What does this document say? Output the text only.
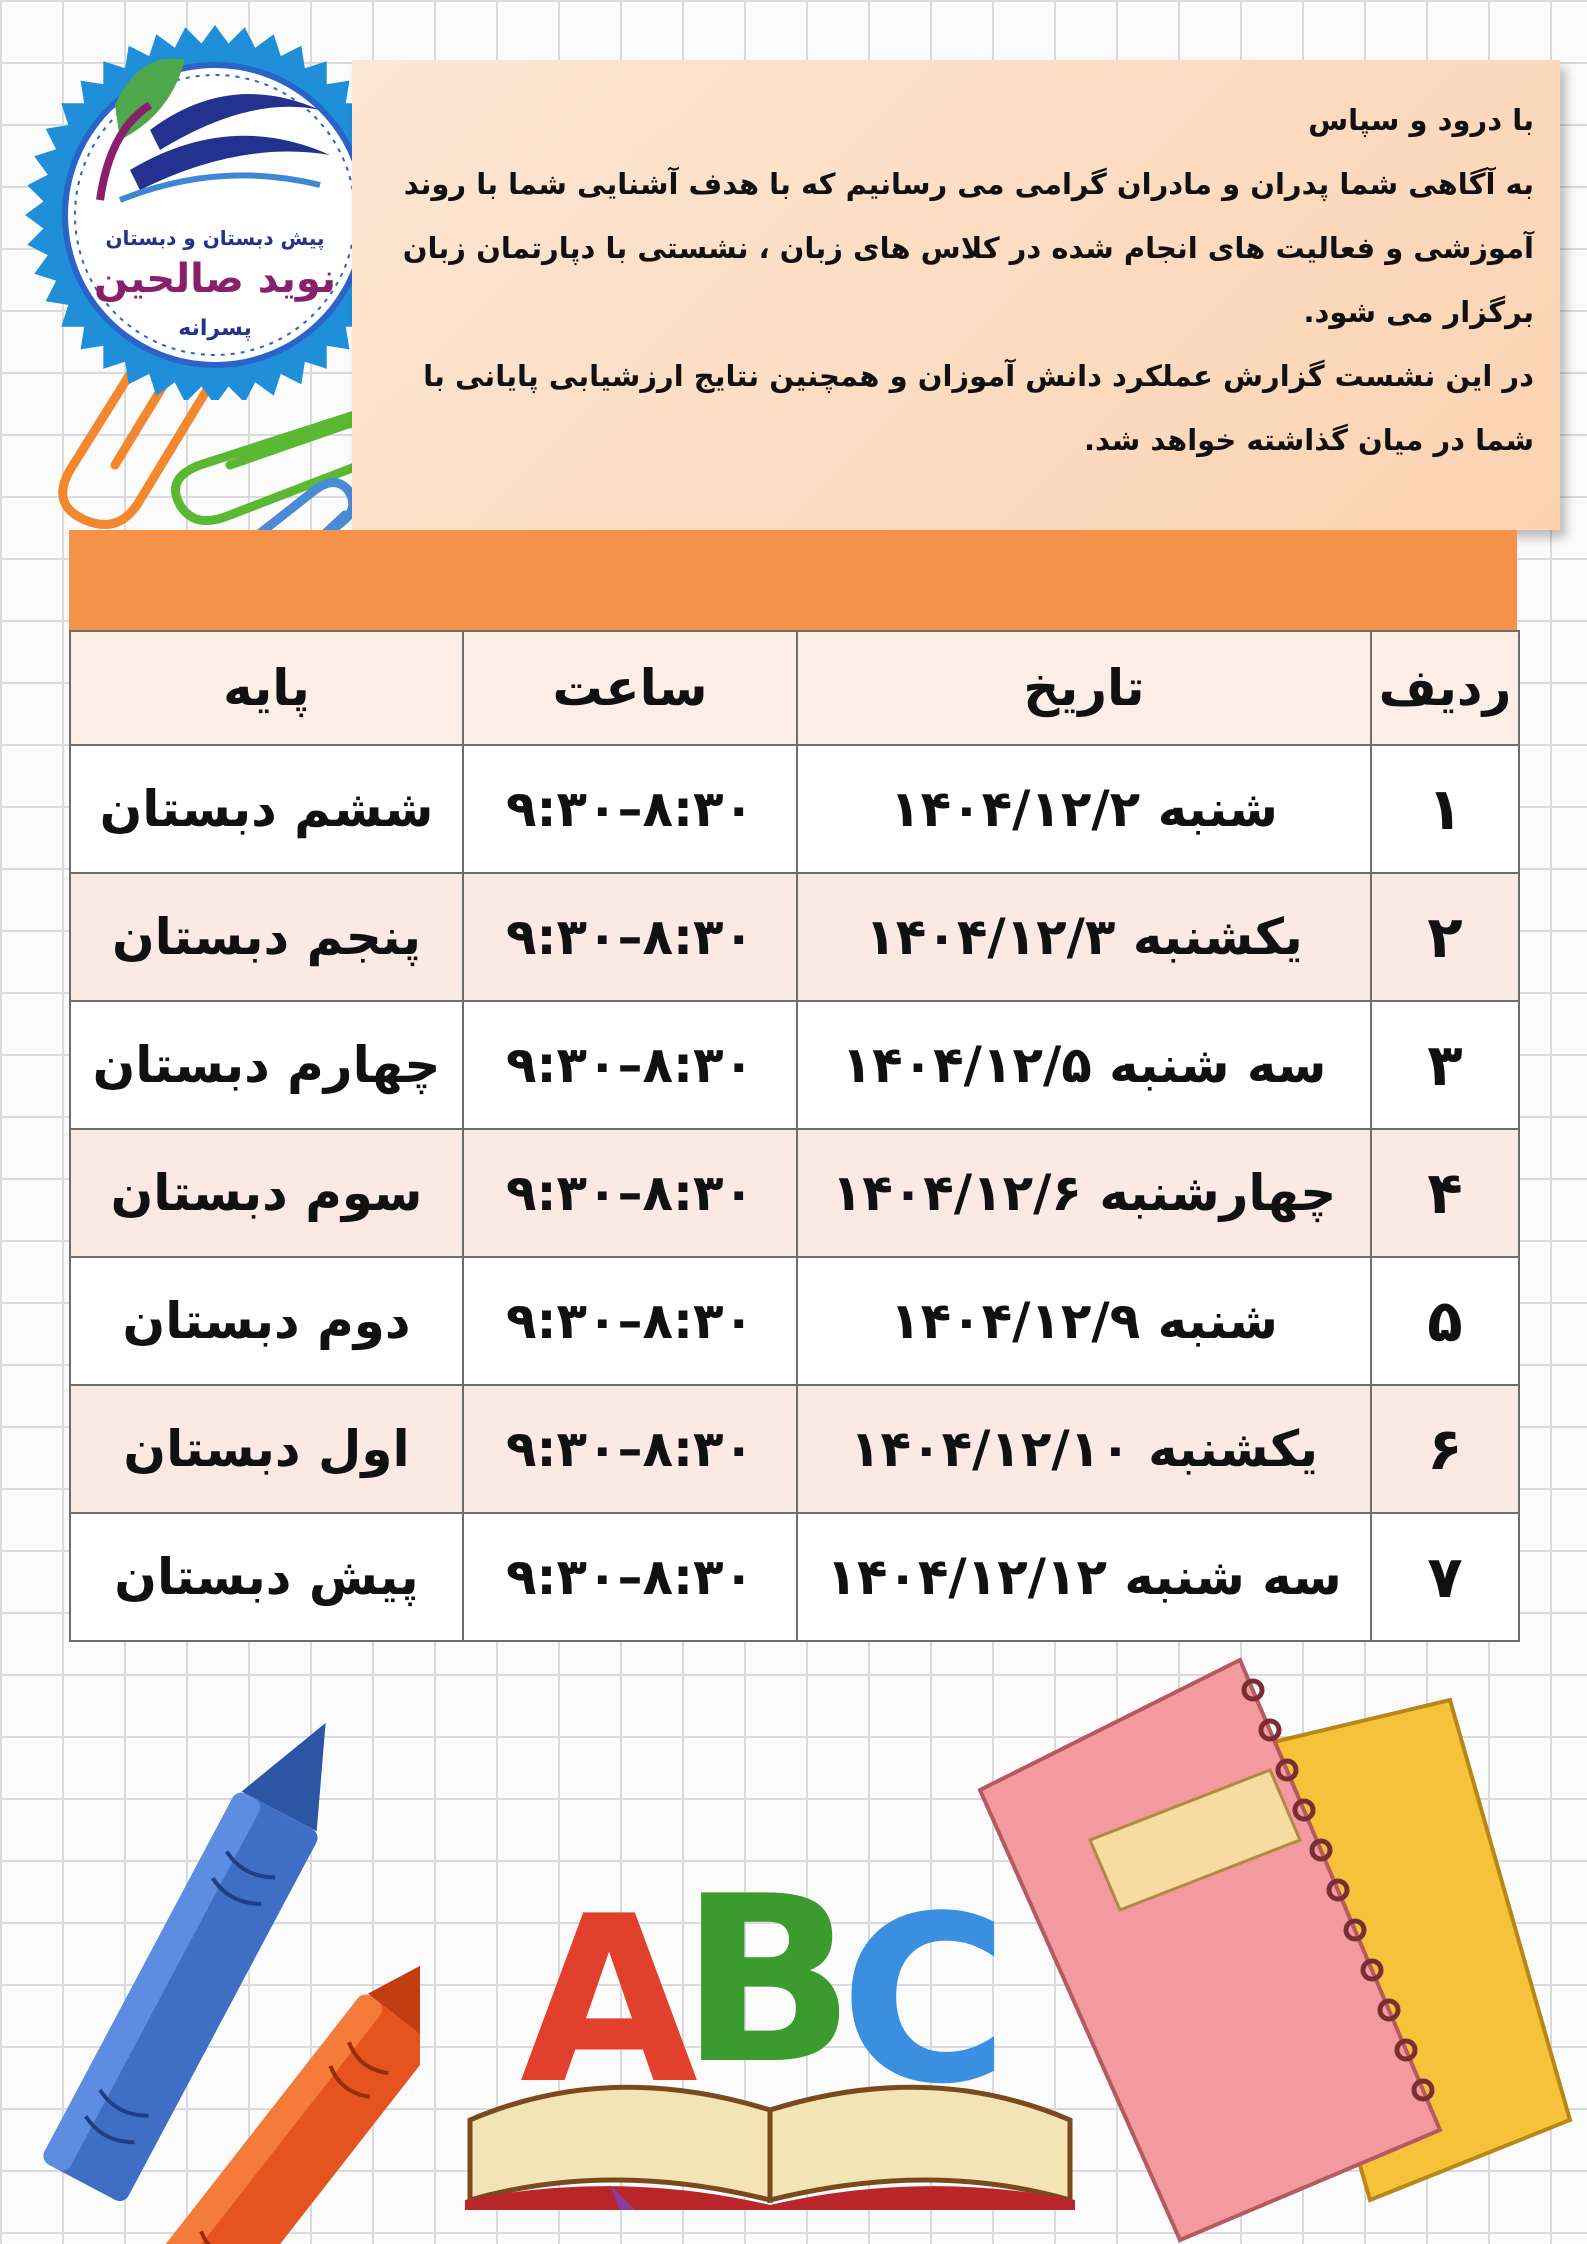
پیش دبستان و دبستان
نوید صالحین
پسرانه

با درود و سپاس

به آگاهی شما پدران و مادران گرامی می رسانیم که با هدف آشنایی شما با روند

آموزشی و فعالیت های انجام شده در کلاس های زبان ، نشستی با دپارتمان زبان

برگزار می شود.

در این نشست گزارش عملکرد دانش آموزان و همچنین نتایج ارزشیابی پایانی با

شما در میان گذاشته خواهد شد.

ردیف	تاریخ	ساعت	پایه
۱	شنبه ۱۴۰۴/۱۲/۲	۸:۳۰–۹:۳۰	ششم دبستان
۲	یکشنبه ۱۴۰۴/۱۲/۳	۸:۳۰–۹:۳۰	پنجم دبستان
۳	سه شنبه ۱۴۰۴/۱۲/۵	۸:۳۰–۹:۳۰	چهارم دبستان
۴	چهارشنبه ۱۴۰۴/۱۲/۶	۸:۳۰–۹:۳۰	سوم دبستان
۵	شنبه ۱۴۰۴/۱۲/۹	۸:۳۰–۹:۳۰	دوم دبستان
۶	یکشنبه ۱۴۰۴/۱۲/۱۰	۸:۳۰–۹:۳۰	اول دبستان
۷	سه شنبه ۱۴۰۴/۱۲/۱۲	۸:۳۰–۹:۳۰	پیش دبستان
A
B
C
